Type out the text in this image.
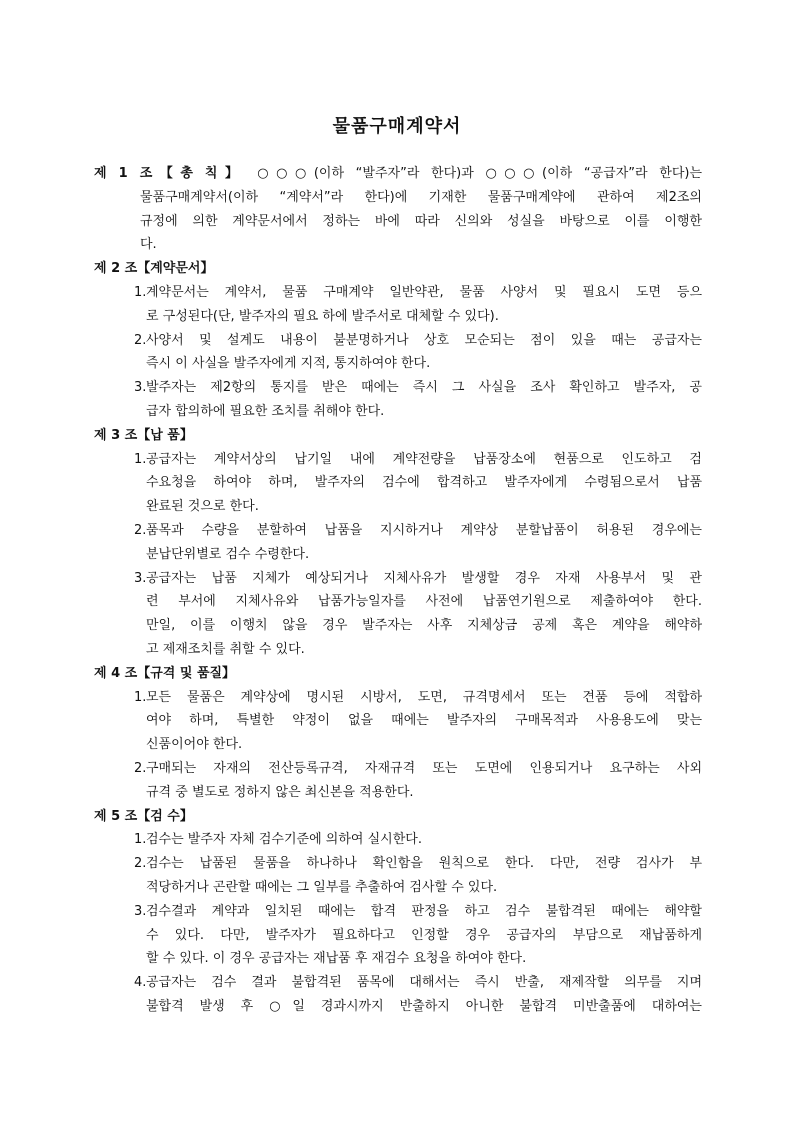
물품구매계약서
제 1 조【총 칙】 ○○○(이하 “발주자”라 한다)과 ○○○(이하 “공급자”라 한다)는
물품구매계약서(이하 “계약서”라 한다)에 기재한 물품구매계약에 관하여 제2조의
규정에 의한 계약문서에서 정하는 바에 따라 신의와 성실을 바탕으로 이를 이행한
다.
제 2 조【계약문서】
1. 계약문서는 계약서, 물품 구매계약 일반약관, 물품 사양서 및 필요시 도면 등으
로 구성된다(단, 발주자의 필요 하에 발주서로 대체할 수 있다).
2. 사양서 및 설계도 내용이 불분명하거나 상호 모순되는 점이 있을 때는 공급자는
즉시 이 사실을 발주자에게 지적, 통지하여야 한다.
3. 발주자는 제2항의 통지를 받은 때에는 즉시 그 사실을 조사 확인하고 발주자, 공
급자 합의하에 필요한 조치를 취해야 한다.
제 3 조【납 품】
1. 공급자는 계약서상의 납기일 내에 계약전량을 납품장소에 현품으로 인도하고 검
수요청을 하여야 하며, 발주자의 검수에 합격하고 발주자에게 수령됨으로서 납품
완료된 것으로 한다.
2. 품목과 수량을 분할하여 납품을 지시하거나 계약상 분할납품이 허용된 경우에는
분납단위별로 검수 수령한다.
3. 공급자는 납품 지체가 예상되거나 지체사유가 발생할 경우 자재 사용부서 및 관
련 부서에 지체사유와 납품가능일자를 사전에 납품연기원으로 제출하여야 한다.
만일, 이를 이행치 않을 경우 발주자는 사후 지체상금 공제 혹은 계약을 해약하
고 제재조치를 취할 수 있다.
제 4 조【규격 및 품질】
1. 모든 물품은 계약상에 명시된 시방서, 도면, 규격명세서 또는 견품 등에 적합하
여야 하며, 특별한 약정이 없을 때에는 발주자의 구매목적과 사용용도에 맞는
신품이어야 한다.
2. 구매되는 자재의 전산등록규격, 자재규격 또는 도면에 인용되거나 요구하는 사외
규격 중 별도로 정하지 않은 최신본을 적용한다.
제 5 조【검 수】
1. 검수는 발주자 자체 검수기준에 의하여 실시한다.
2. 검수는 납품된 물품을 하나하나 확인함을 원칙으로 한다. 다만, 전량 검사가 부
적당하거나 곤란할 때에는 그 일부를 추출하여 검사할 수 있다.
3. 검수결과 계약과 일치된 때에는 합격 판정을 하고 검수 불합격된 때에는 해약할
수 있다. 다만, 발주자가 필요하다고 인정할 경우 공급자의 부담으로 재납품하게
할 수 있다. 이 경우 공급자는 재납품 후 재검수 요청을 하여야 한다.
4. 공급자는 검수 결과 불합격된 품목에 대해서는 즉시 반출, 재제작할 의무를 지며
불합격 발생 후 ○일 경과시까지 반출하지 아니한 불합격 미반출품에 대하여는
